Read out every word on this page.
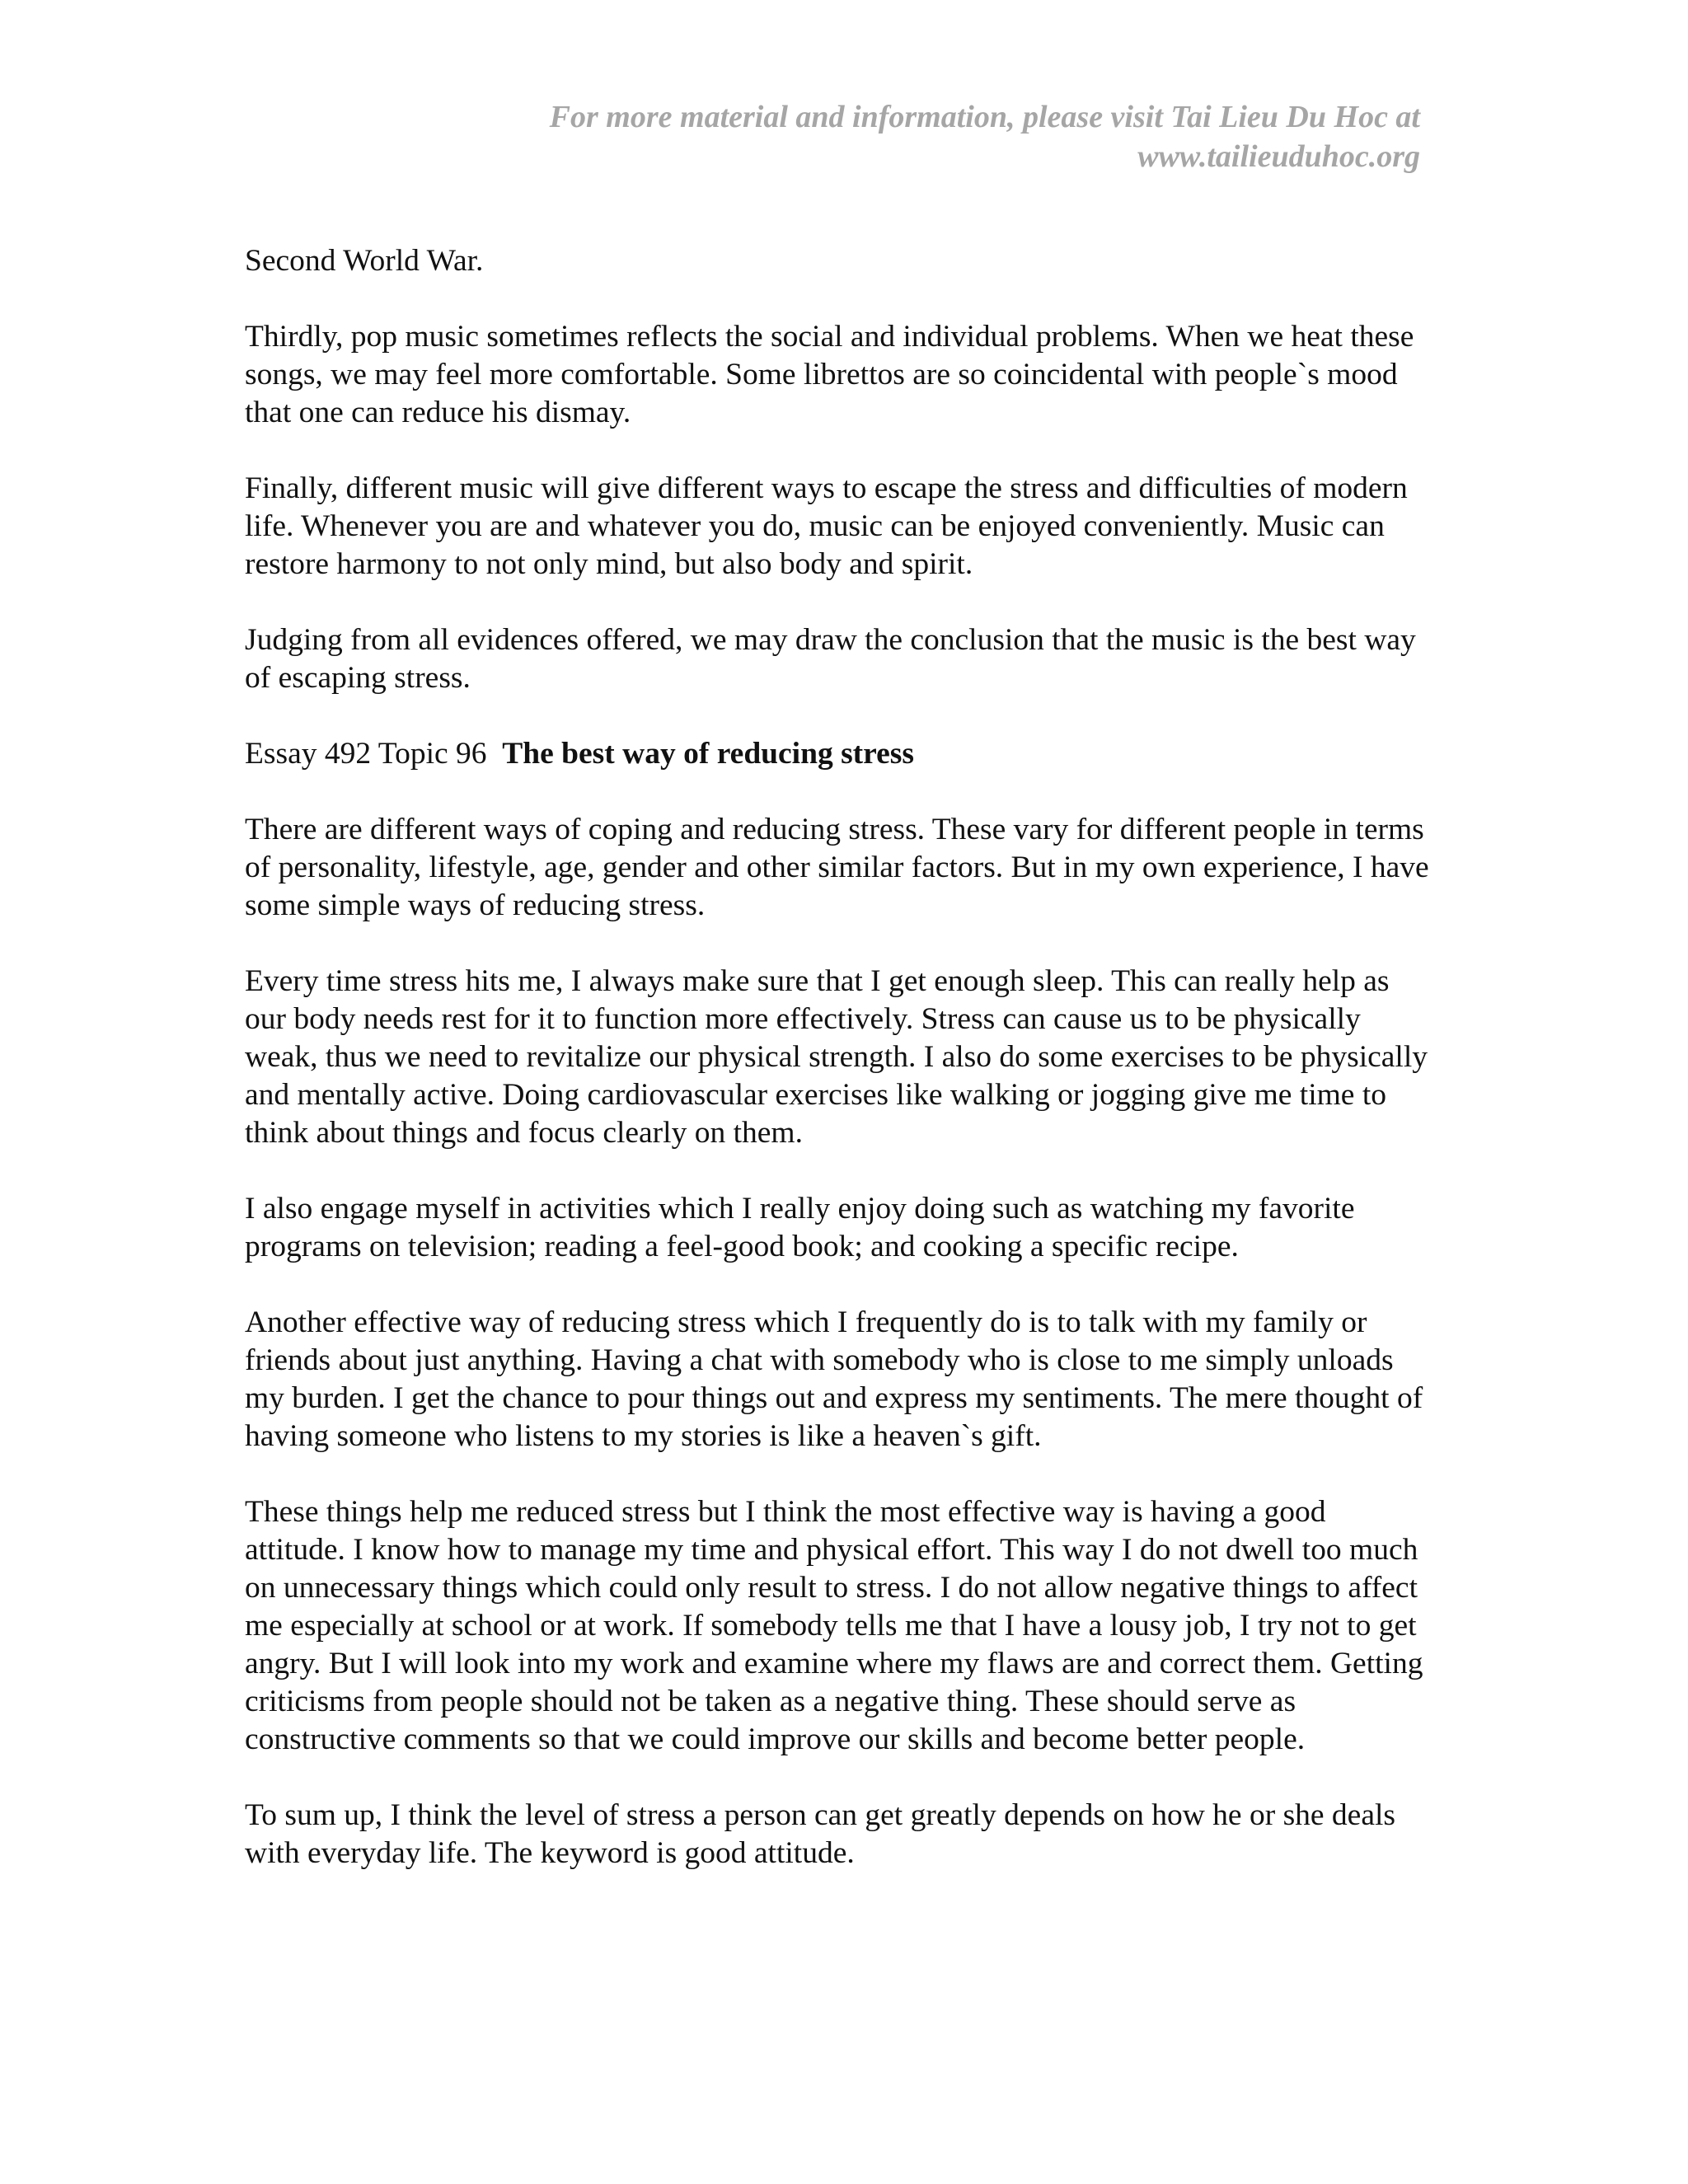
For more material and information, please visit Tai Lieu Du Hoc at
www.tailieuduhoc.org

Second World War.

Thirdly, pop music sometimes reflects the social and individual problems. When we heat these songs, we may feel more comfortable. Some librettos are so coincidental with people`s mood that one can reduce his dismay.

Finally, different music will give different ways to escape the stress and difficulties of modern life. Whenever you are and whatever you do, music can be enjoyed conveniently. Music can restore harmony to not only mind, but also body and spirit.

Judging from all evidences offered, we may draw the conclusion that the music is the best way of escaping stress.

Essay 492 Topic 96 The best way of reducing stress

There are different ways of coping and reducing stress. These vary for different people in terms of personality, lifestyle, age, gender and other similar factors. But in my own experience, I have some simple ways of reducing stress.

Every time stress hits me, I always make sure that I get enough sleep. This can really help as our body needs rest for it to function more effectively. Stress can cause us to be physically weak, thus we need to revitalize our physical strength. I also do some exercises to be physically and mentally active. Doing cardiovascular exercises like walking or jogging give me time to think about things and focus clearly on them.

I also engage myself in activities which I really enjoy doing such as watching my favorite programs on television; reading a feel-good book; and cooking a specific recipe.

Another effective way of reducing stress which I frequently do is to talk with my family or friends about just anything. Having a chat with somebody who is close to me simply unloads my burden. I get the chance to pour things out and express my sentiments. The mere thought of having someone who listens to my stories is like a heaven`s gift.

These things help me reduced stress but I think the most effective way is having a good attitude. I know how to manage my time and physical effort. This way I do not dwell too much on unnecessary things which could only result to stress. I do not allow negative things to affect me especially at school or at work. If somebody tells me that I have a lousy job, I try not to get angry. But I will look into my work and examine where my flaws are and correct them. Getting criticisms from people should not be taken as a negative thing. These should serve as constructive comments so that we could improve our skills and become better people.

To sum up, I think the level of stress a person can get greatly depends on how he or she deals with everyday life. The keyword is good attitude.
